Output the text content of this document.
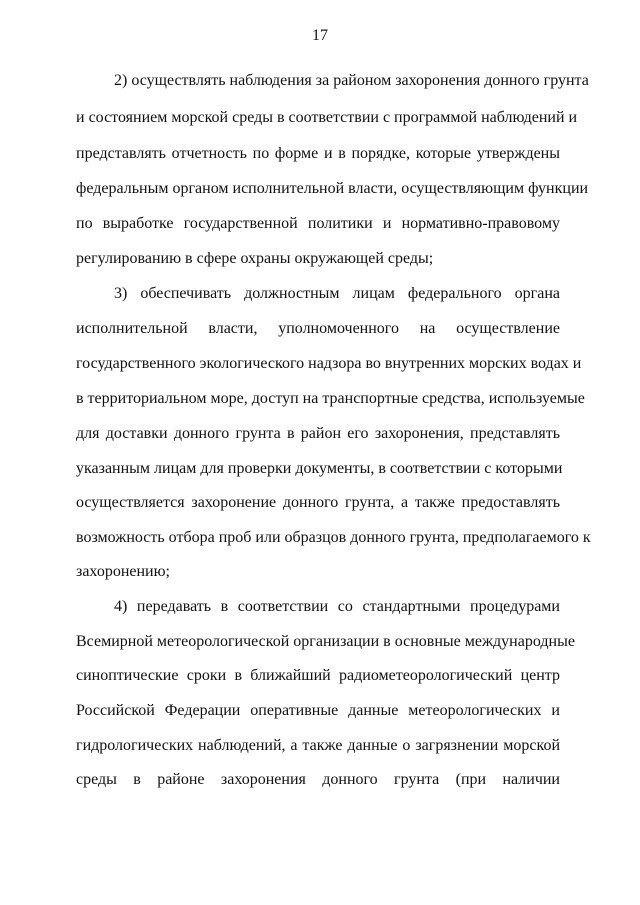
17
2) осуществлять наблюдения за районом захоронения донного грунта
и состоянием морской среды в соответствии с программой наблюдений и
представлять отчетность по форме и в порядке, которые утверждены
федеральным органом исполнительной власти, осуществляющим функции
по выработке государственной политики и нормативно-правовому
регулированию в сфере охраны окружающей среды;
3) обеспечивать должностным лицам федерального органа
исполнительной власти, уполномоченного на осуществление
государственного экологического надзора во внутренних морских водах и
в территориальном море, доступ на транспортные средства, используемые
для доставки донного грунта в район его захоронения, представлять
указанным лицам для проверки документы, в соответствии с которыми
осуществляется захоронение донного грунта, а также предоставлять
возможность отбора проб или образцов донного грунта, предполагаемого к
захоронению;
4) передавать в соответствии со стандартными процедурами
Всемирной метеорологической организации в основные международные
синоптические сроки в ближайший радиометеорологический центр
Российской Федерации оперативные данные метеорологических и
гидрологических наблюдений, а также данные о загрязнении морской
среды в районе захоронения донного грунта (при наличии
